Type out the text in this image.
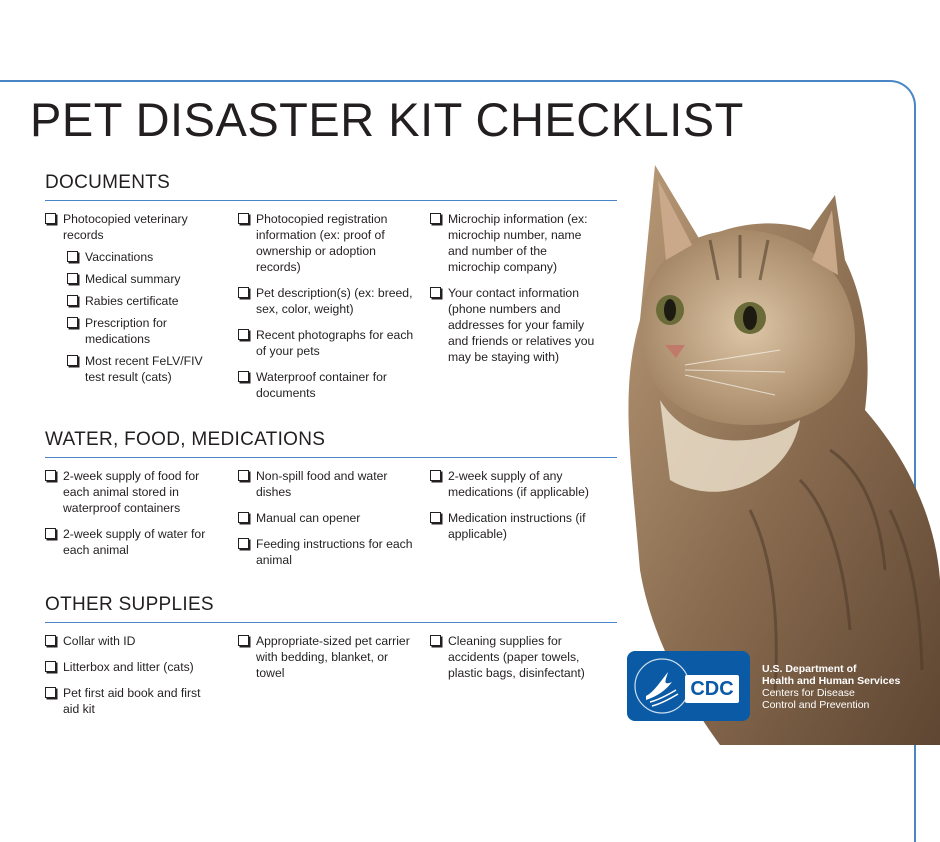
PET DISASTER KIT CHECKLIST
DOCUMENTS
Photocopied veterinary records
Vaccinations
Medical summary
Rabies certificate
Prescription for medications
Most recent FeLV/FIV test result (cats)
Photocopied registration information (ex: proof of ownership or adoption records)
Pet description(s) (ex: breed, sex, color, weight)
Recent photographs for each of your pets
Waterproof container for documents
Microchip information (ex: microchip number, name and number of the microchip company)
Your contact information (phone numbers and addresses for your family and friends or relatives you may be staying with)
WATER, FOOD, MEDICATIONS
2-week supply of food for each animal stored in waterproof containers
2-week supply of water for each animal
Non-spill food and water dishes
Manual can opener
Feeding instructions for each animal
2-week supply of any medications (if applicable)
Medication instructions (if applicable)
OTHER SUPPLIES
Collar with ID
Litterbox and litter (cats)
Pet first aid book and first aid kit
Appropriate-sized pet carrier with bedding, blanket, or towel
Cleaning supplies for accidents (paper towels, plastic bags, disinfectant)
CDC
U.S. Department of
Health and Human Services
Centers for Disease
Control and Prevention
